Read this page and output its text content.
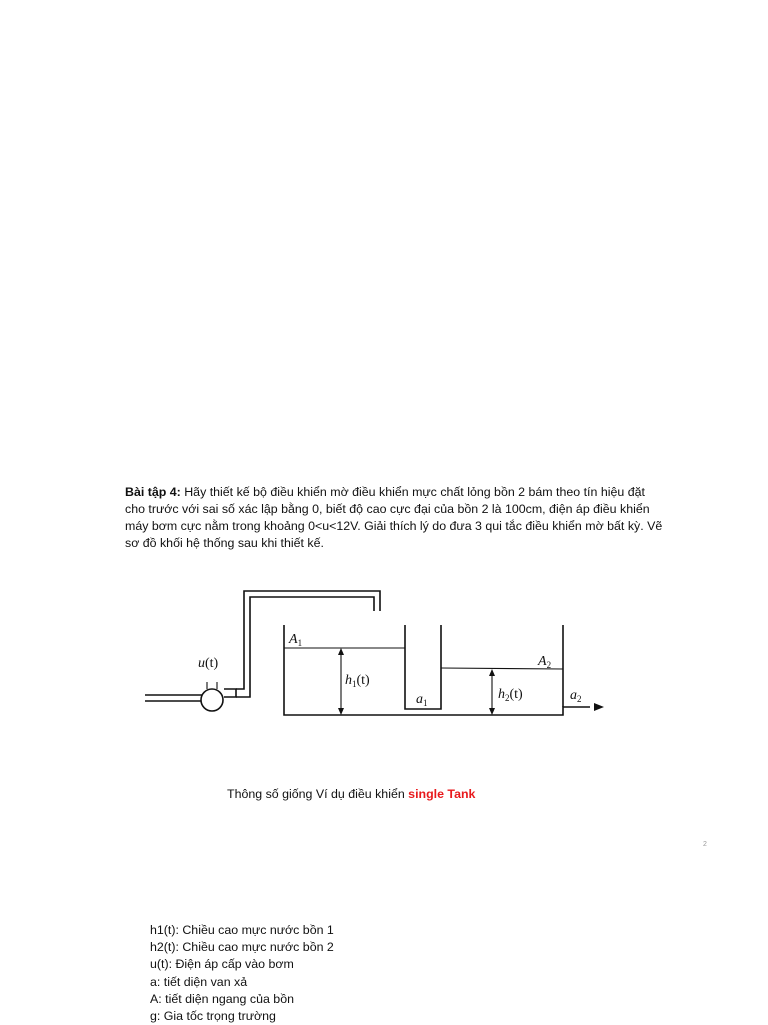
Bài tập 4: Hãy thiết kế bộ điều khiển mờ điều khiển mực chất lỏng bồn 2 bám theo tín hiệu đặt cho trước với sai số xác lập bằng 0, biết độ cao cực đại của bồn 2 là 100cm, điện áp điều khiển máy bơm cực nằm trong khoảng 0<u<12V. Giải thích lý do đưa 3 qui tắc điều khiển mờ bất kỳ. Vẽ sơ đồ khối hệ thống sau khi thiết kế.
u(t)
$A_1$
$h_1(t)$
$a_1$
$A_2$
$h_2(t)$	$a_2$
Thông số giống Ví dụ điều khiển single Tank
2
h1(t): Chiều cao mực nước bồn 1
h2(t): Chiều cao mực nước bồn 2
u(t): Điện áp cấp vào bơm
a: tiết diện van xả
A: tiết diện ngang của bồn
g: Gia tốc trọng trường
